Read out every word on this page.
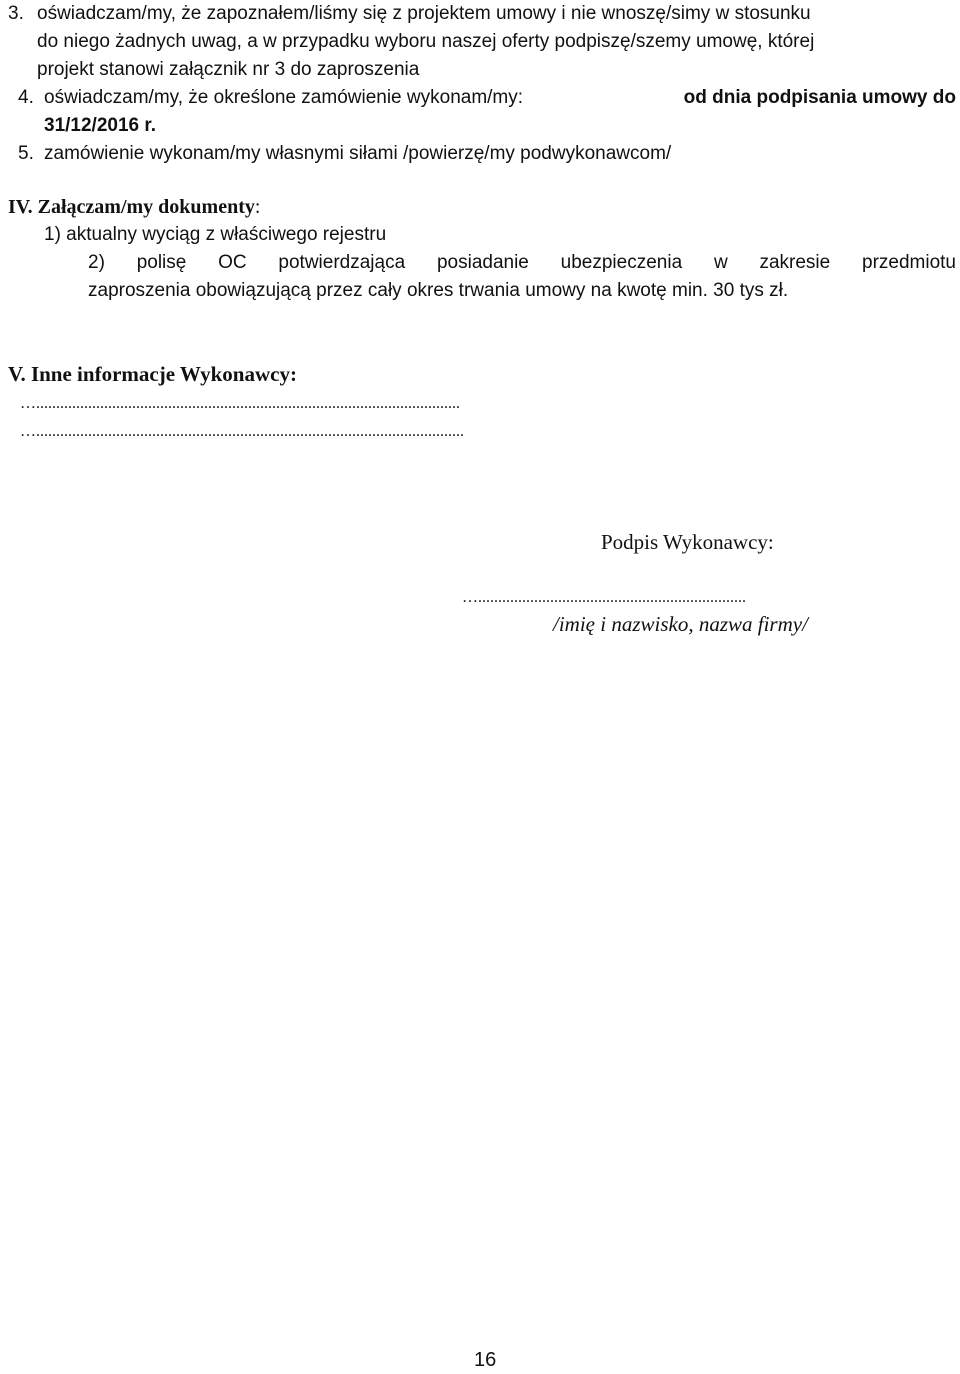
3. oświadczam/my, że zapoznałem/liśmy się z projektem umowy i nie wnoszę/simy w stosunku
do niego żadnych uwag, a w przypadku wyboru naszej oferty podpiszę/szemy umowę, której
projekt stanowi załącznik nr 3 do zaproszenia
4. oświadczam/my, że określone zamówienie wykonam/my:	od dnia podpisania umowy do
31/12/2016 r.
5. zamówienie wykonam/my własnymi siłami /powierzę/my podwykonawcom/
IV. Załączam/my dokumenty:
1) aktualny wyciąg z właściwego rejestru
2) polisę OC potwierdzająca posiadanie ubezpieczenia w zakresie przedmiotu
zaproszenia obowiązującą przez cały okres trwania umowy na kwotę min. 30 tys zł.
V. Inne informacje Wykonawcy:
…..........................................................................................................
…...........................................................................................................
Podpis Wykonawcy:
…...................................................................
/imię i nazwisko, nazwa firmy/
16
